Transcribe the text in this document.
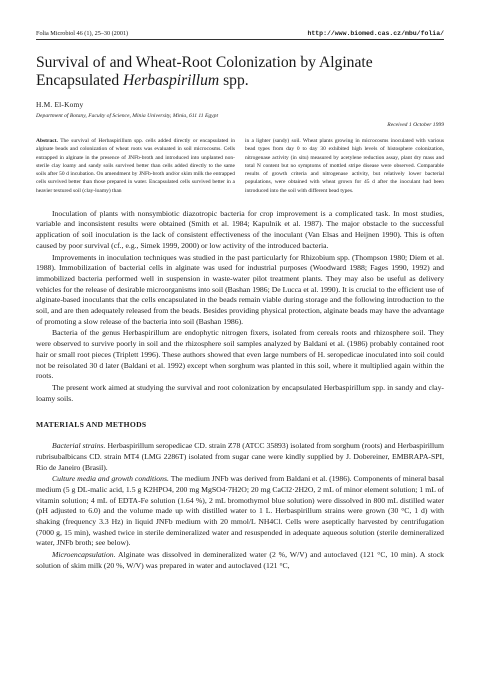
Folia Microbiol 46 (1), 25–30 (2001)	http://www.biomed.cas.cz/mbu/folia/
Survival of and Wheat-Root Colonization by Alginate
Encapsulated Herbaspirillum spp.
H.M. El-Komy
Department of Botany, Faculty of Science, Minia University, Minia, 611 11 Egypt
Received 1 October 1999
Abstract. The survival of Herbaspirillum spp. cells added directly or encapsulated in alginate beads and colonization of wheat roots was evaluated in soil microcosms. Cells entrapped in alginate in the presence of JNFb-broth and introduced into unplanted non-sterile clay loamy and sandy soils survived better than cells added directly to the same soils after 50 d incubation. On amendment by JNFb-broth and/or skim milk the entrapped cells survived better than those prepared in water. Encapsulated cells survived better in a heavier textured soil (clay-loamy) than
in a lighter (sandy) soil. Wheat plants growing in microcosms inoculated with various bead types from day 0 to day 30 exhibited high levels of histosphere colonization, nitrogenase activity (in situ) measured by acetylene reduction assay, plant dry mass and total N content but no symptoms of mottled stripe disease were observed. Comparable results of growth criteria and nitrogenase activity, but relatively lower bacterial populations, were obtained with wheat grown for 45 d after the inoculant had been introduced into the soil with different bead types.

Inoculation of plants with nonsymbiotic diazotropic bacteria for crop improvement is a complicated task. In most studies, variable and inconsistent results were obtained (Smith et al. 1984; Kapulnik et al. 1987). The major obstacle to the successful application of soil inoculation is the lack of consistent effectiveness of the inoculant (Van Elsas and Heijnen 1990). This is often caused by poor survival (cf., e.g., Simek 1999, 2000) or low activity of the introduced bacteria.

Improvements in inoculation techniques was studied in the past particularly for Rhizobium spp. (Thompson 1980; Diem et al. 1988). Immobilization of bacterial cells in alginate was used for industrial purposes (Woodward 1988; Fages 1990, 1992) and immobilized bacteria performed well in suspension in waste-water pilot treatment plants. They may also be useful as delivery vehicles for the release of desirable microorganisms into soil (Bashan 1986; De Lucca et al. 1990). It is crucial to the efficient use of alginate-based inoculants that the cells encapsulated in the beads remain viable during storage and the following introduction to the soil, and are then adequately released from the beads. Besides providing physical protection, alginate beads may have the advantage of promoting a slow release of the bacteria into soil (Bashan 1986).

Bacteria of the genus Herbaspirillum are endophytic nitrogen fixers, isolated from cereals roots and rhizosphere soil. They were observed to survive poorly in soil and the rhizosphere soil samples analyzed by Baldani et al. (1986) probably contained root hair or small root pieces (Triplett 1996). These authors showed that even large numbers of H. seropedicae inoculated into soil could not be reisolated 30 d later (Baldani et al. 1992) except when sorghum was planted in this soil, where it multiplied again within the roots.

The present work aimed at studying the survival and root colonization by encapsulated Herbaspirillum spp. in sandy and clay-loamy soils.

MATERIALS AND METHODS

Bacterial strains. Herbaspirillum seropedicae CD. strain Z78 (ATCC 35893) isolated from sorghum (roots) and Herbaspirillum rubrisubalbicans CD. strain MT4 (LMG 2286T) isolated from sugar cane were kindly supplied by J. Dobereiner, EMBRAPA-SPI, Rio de Janeiro (Brasil).

Culture media and growth conditions. The medium JNFb was derived from Baldani et al. (1986). Components of mineral basal medium (5 g DL-malic acid, 1.5 g K2HPO4, 200 mg MgSO4·7H2O; 20 mg CaCl2·2H2O, 2 mL of minor element solution; 1 mL of vitamin solution; 4 mL of EDTA-Fe solution (1.64 %), 2 mL bromothymol blue solution) were dissolved in 800 mL distilled water (pH adjusted to 6.0) and the volume made up with distilled water to 1 L. Herbaspirillum strains were grown (30 °C, 1 d) with shaking (frequency 3.3 Hz) in liquid JNFb medium with 20 mmol/L NH4Cl. Cells were aseptically harvested by centrifugation (7000 g, 15 min), washed twice in sterile demineralized water and resuspended in adequate aqueous solution (sterile demineralized water, JNFb broth; see below).

Microencapsulation. Alginate was dissolved in demineralized water (2 %, W/V) and autoclaved (121 °C, 10 min). A stock solution of skim milk (20 %, W/V) was prepared in water and autoclaved (121 °C,
